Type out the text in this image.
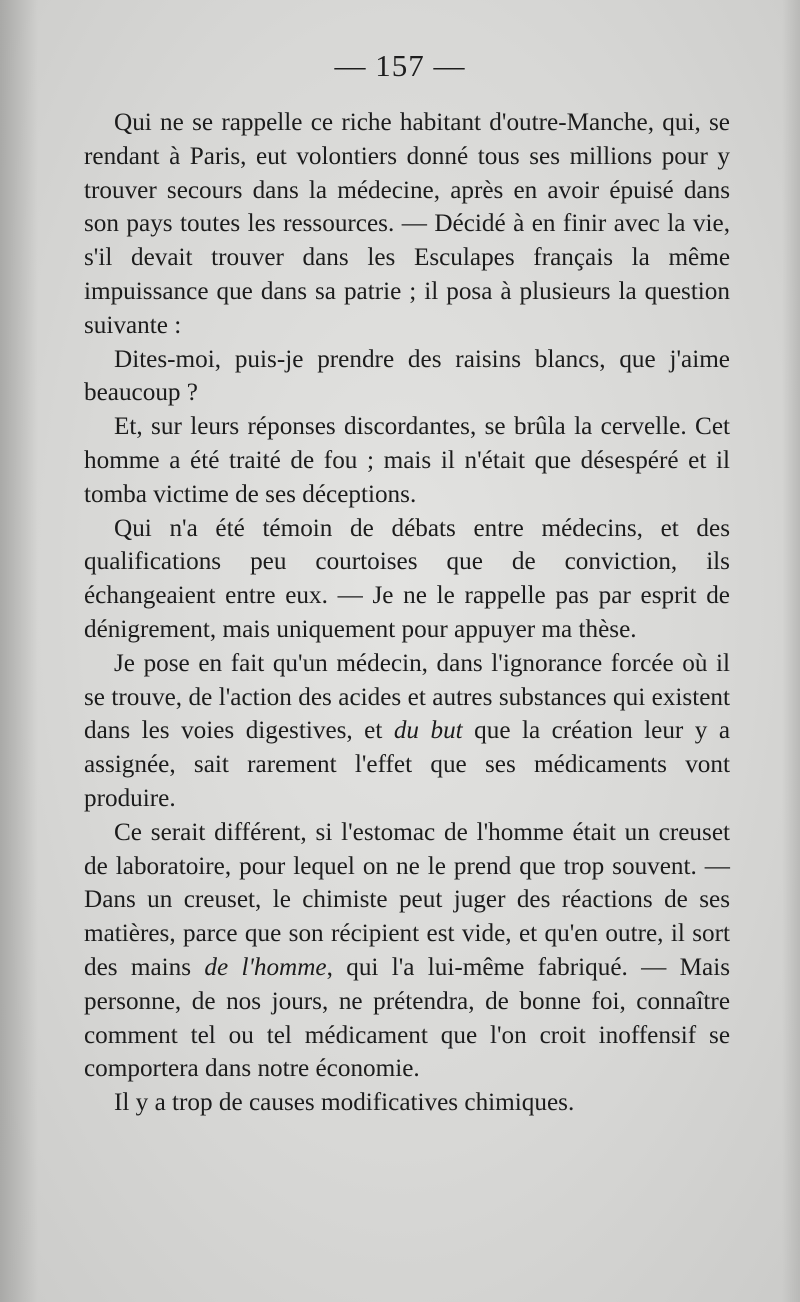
— 157 —

Qui ne se rappelle ce riche habitant d'outre-Manche, qui, se rendant à Paris, eut volontiers donné tous ses millions pour y trouver secours dans la médecine, après en avoir épuisé dans son pays toutes les ressources. — Décidé à en finir avec la vie, s'il devait trouver dans les Esculapes français la même impuissance que dans sa patrie ; il posa à plusieurs la question suivante :

Dites-moi, puis-je prendre des raisins blancs, que j'aime beaucoup ?

Et, sur leurs réponses discordantes, se brûla la cervelle. Cet homme a été traité de fou ; mais il n'était que désespéré et il tomba victime de ses déceptions.

Qui n'a été témoin de débats entre médecins, et des qualifications peu courtoises que de conviction, ils échangeaient entre eux. — Je ne le rappelle pas par esprit de dénigrement, mais uniquement pour appuyer ma thèse.

Je pose en fait qu'un médecin, dans l'ignorance forcée où il se trouve, de l'action des acides et autres substances qui existent dans les voies digestives, et du but que la création leur y a assignée, sait rarement l'effet que ses médicaments vont produire.

Ce serait différent, si l'estomac de l'homme était un creuset de laboratoire, pour lequel on ne le prend que trop souvent. — Dans un creuset, le chimiste peut juger des réactions de ses matières, parce que son récipient est vide, et qu'en outre, il sort des mains de l'homme, qui l'a lui-même fabriqué. — Mais personne, de nos jours, ne prétendra, de bonne foi, connaître comment tel ou tel médicament que l'on croit inoffensif se comportera dans notre économie.

Il y a trop de causes modificatives chimiques.
